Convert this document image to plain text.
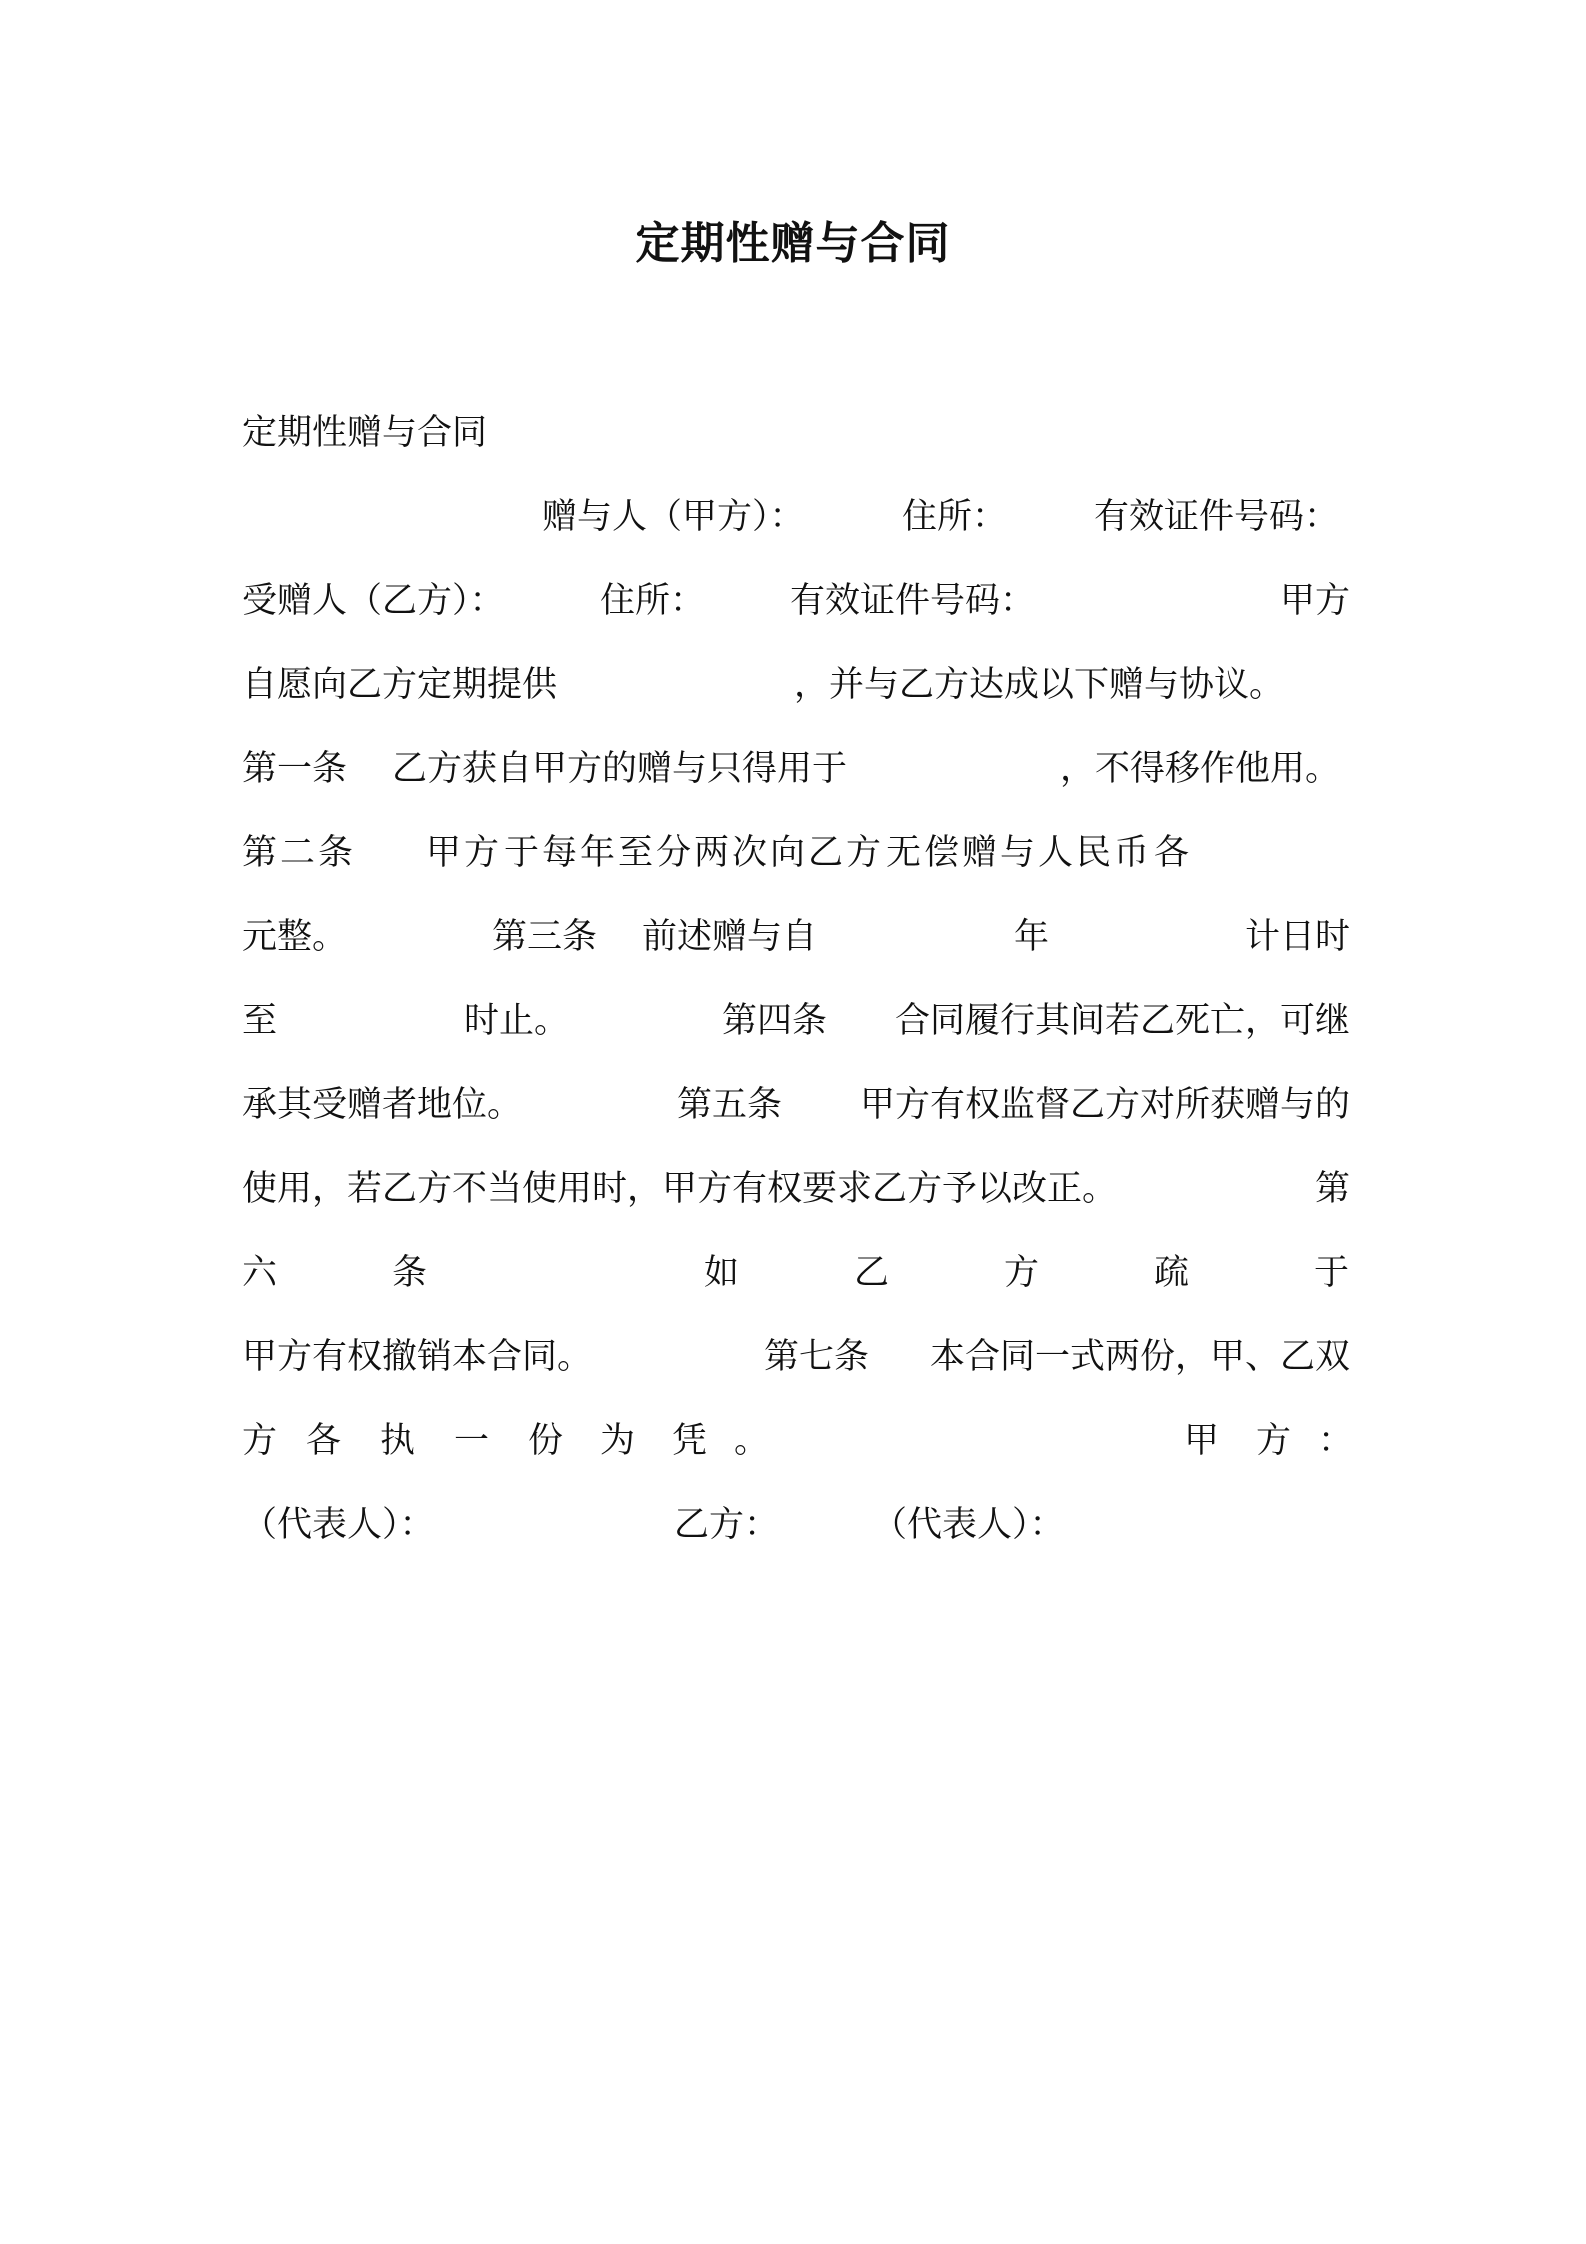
定期性赠与合同
定期性赠与合同
赠与人（甲方）：	住所： 有效证件号码：
受赠人（乙方）：	住所： 有效证件号码：	甲方
自愿向乙方定期提供	，并与乙方达成以下赠与协议。
第一条 乙方获自甲方的赠与只得用于	，不得移作他用。
第 二 条 甲 方 于 每 年 至 分 两 次 向 乙 方 无 偿 赠 与 人 民 币 各
元整。	第三条 前述赠与自	年	计日时
至	时止。	第四条 合同履行其间若乙死亡，可继
承其受赠者地位。	第五条 甲方有权监督乙方对所获赠与的
使用，若乙方不当使用时，甲方有权要求乙方予以改正。	第
六	条	如	乙	方	疏	于
甲方有权撤销本合同。	第七条 本合同一式两份，甲、乙双
方 各 执 一 份 为 凭 。	甲 方 ：
（代表人）：	乙方：	（代表人）：
